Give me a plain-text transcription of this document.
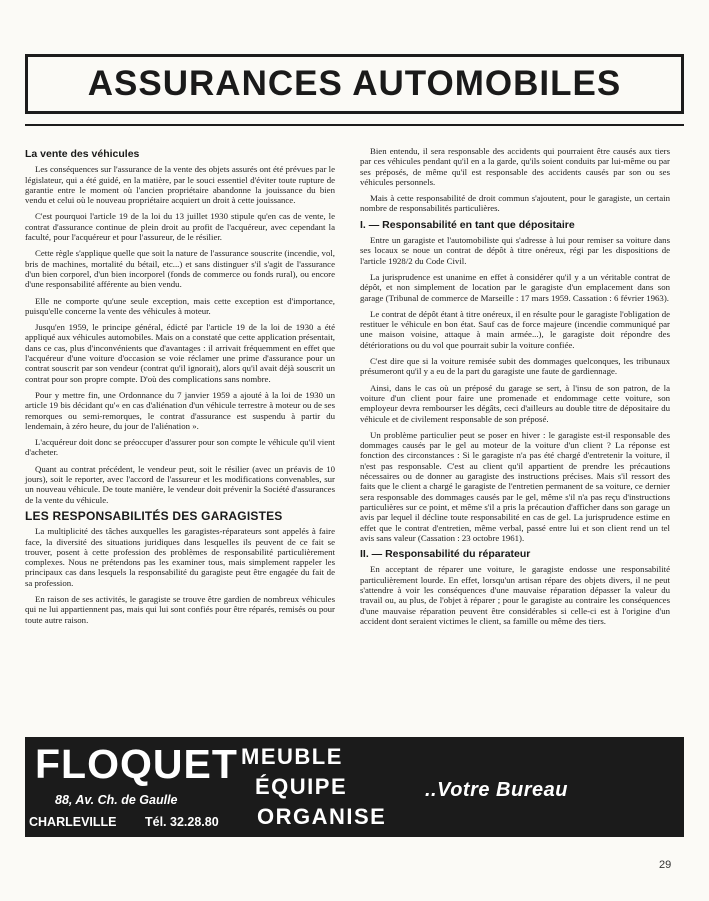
ASSURANCES AUTOMOBILES
La vente des véhicules

Les conséquences sur l'assurance de la vente des objets assurés ont été prévues par le législateur, qui a été guidé, en la matière, par le souci essentiel d'éviter toute rupture de garantie entre le moment où l'ancien propriétaire abandonne la jouissance du bien vendu et celui où le nouveau propriétaire acquiert un droit à cette jouissance.

C'est pourquoi l'article 19 de la loi du 13 juillet 1930 stipule qu'en cas de vente, le contrat d'assurance continue de plein droit au profit de l'acquéreur, avec cependant la faculté, pour l'acquéreur et pour l'assureur, de le résilier.

Cette règle s'applique quelle que soit la nature de l'assurance souscrite (incendie, vol, bris de machines, mortalité du bétail, etc...) et sans distinguer s'il s'agit de l'assurance d'un bien corporel, d'un bien incorporel (fonds de commerce ou fonds rural), ou encore d'une responsabilité afférente au bien vendu.

Elle ne comporte qu'une seule exception, mais cette exception est d'importance, puisqu'elle concerne la vente des véhicules à moteur.

Jusqu'en 1959, le principe général, édicté par l'article 19 de la loi de 1930 a été appliqué aux véhicules automobiles. Mais on a constaté que cette application présentait, dans ce cas, plus d'inconvénients que d'avantages : il arrivait fréquemment en effet que l'acquéreur d'une voiture d'occasion se voie réclamer une prime d'assurance pour un contrat souscrit par son vendeur (contrat qu'il ignorait), alors qu'il avait déjà souscrit un contrat pour son propre compte. D'où des complications sans nombre.

Pour y mettre fin, une Ordonnance du 7 janvier 1959 a ajouté à la loi de 1930 un article 19 bis décidant qu'« en cas d'aliénation d'un véhicule terrestre à moteur ou de ses remorques ou semi-remorques, le contrat d'assurance est suspendu à partir du lendemain, à zéro heure, du jour de l'aliénation ».

L'acquéreur doit donc se préoccuper d'assurer pour son compte le véhicule qu'il vient d'acheter.

Quant au contrat précédent, le vendeur peut, soit le résilier (avec un préavis de 10 jours), soit le reporter, avec l'accord de l'assureur et les modifications convenables, sur un nouveau véhicule. De toute manière, le vendeur doit prévenir la Société d'assurances de la vente du véhicule.

LES RESPONSABILITÉS DES GARAGISTES

La multiplicité des tâches auxquelles les garagistes-réparateurs sont appelés à faire face, la diversité des situations juridiques dans lesquelles ils peuvent de ce fait se trouver, posent à cette profession des problèmes de responsabilité particulièrement complexes. Nous ne prétendons pas les examiner tous, mais simplement rappeler les principaux cas dans lesquels la responsabilité du garagiste peut être engagée du fait de sa profession.

En raison de ses activités, le garagiste se trouve être gardien de nombreux véhicules qui ne lui appartiennent pas, mais qui lui sont confiés pour être réparés, remisés ou pour toute autre raison.

Bien entendu, il sera responsable des accidents qui pourraient être causés aux tiers par ces véhicules pendant qu'il en a la garde, qu'ils soient conduits par lui-même ou par ses préposés, de même qu'il est responsable des accidents causés par son ou ses véhicules personnels.

Mais à cette responsabilité de droit commun s'ajoutent, pour le garagiste, un certain nombre de responsabilités particulières.

I. — Responsabilité en tant que dépositaire

Entre un garagiste et l'automobiliste qui s'adresse à lui pour remiser sa voiture dans ses locaux se noue un contrat de dépôt à titre onéreux, régi par les dispositions de l'article 1928/2 du Code Civil.

La jurisprudence est unanime en effet à considérer qu'il y a un véritable contrat de dépôt, et non simplement de location par le garagiste d'un emplacement dans son garage (Tribunal de commerce de Marseille : 17 mars 1959. Cassation : 6 février 1963).

Le contrat de dépôt étant à titre onéreux, il en résulte pour le garagiste l'obligation de restituer le véhicule en bon état. Sauf cas de force majeure (incendie communiqué par une maison voisine, attaque à main armée...), le garagiste doit répondre des détériorations ou du vol que pourrait subir la voiture confiée.

C'est dire que si la voiture remisée subit des dommages quelconques, les tribunaux présumeront qu'il y a eu de la part du garagiste une faute de gardiennage.

Ainsi, dans le cas où un préposé du garage se sert, à l'insu de son patron, de la voiture d'un client pour faire une promenade et endommage cette voiture, son employeur devra rembourser les dégâts, ceci d'ailleurs au double titre de dépositaire du véhicule et de civilement responsable de son préposé.

Un problème particulier peut se poser en hiver : le garagiste est-il responsable des dommages causés par le gel au moteur de la voiture d'un client ? La réponse est fonction des circonstances : Si le garagiste n'a pas été chargé d'entretenir la voiture, il n'est pas responsable. C'est au client qu'il appartient de prendre les précautions nécessaires ou de donner au garagiste des instructions précises. Mais s'il ressort des faits que le client a chargé le garagiste de l'entretien permanent de sa voiture, ce dernier sera responsable des dommages causés par le gel, même s'il n'a pas reçu d'instructions particulières sur ce point, et même s'il a pris la précaution d'afficher dans son garage un avis par lequel il décline toute responsabilité en cas de gel. La jurisprudence estime en effet que le contrat d'entretien, même verbal, passé entre lui et son client rend un tel avis sans valeur (Cassation : 23 octobre 1961).

II. — Responsabilité du réparateur

En acceptant de réparer une voiture, le garagiste endosse une responsabilité particulièrement lourde. En effet, lorsqu'un artisan répare des objets divers, il ne peut s'attendre à voir les conséquences d'une mauvaise réparation dépasser la valeur du travail ou, au plus, de l'objet à réparer ; pour le garagiste au contraire les conséquences d'une mauvaise réparation peuvent être considérables si celle-ci est à l'origine d'un accident dont seraient victimes le client, sa famille ou même des tiers.

FLOQUET
88, Av. Ch. de Gaulle
CHARLEVILLE Tél. 32.28.80
MEUBLE
ÉQUIPE
ORGANISE
..Votre Bureau
29
